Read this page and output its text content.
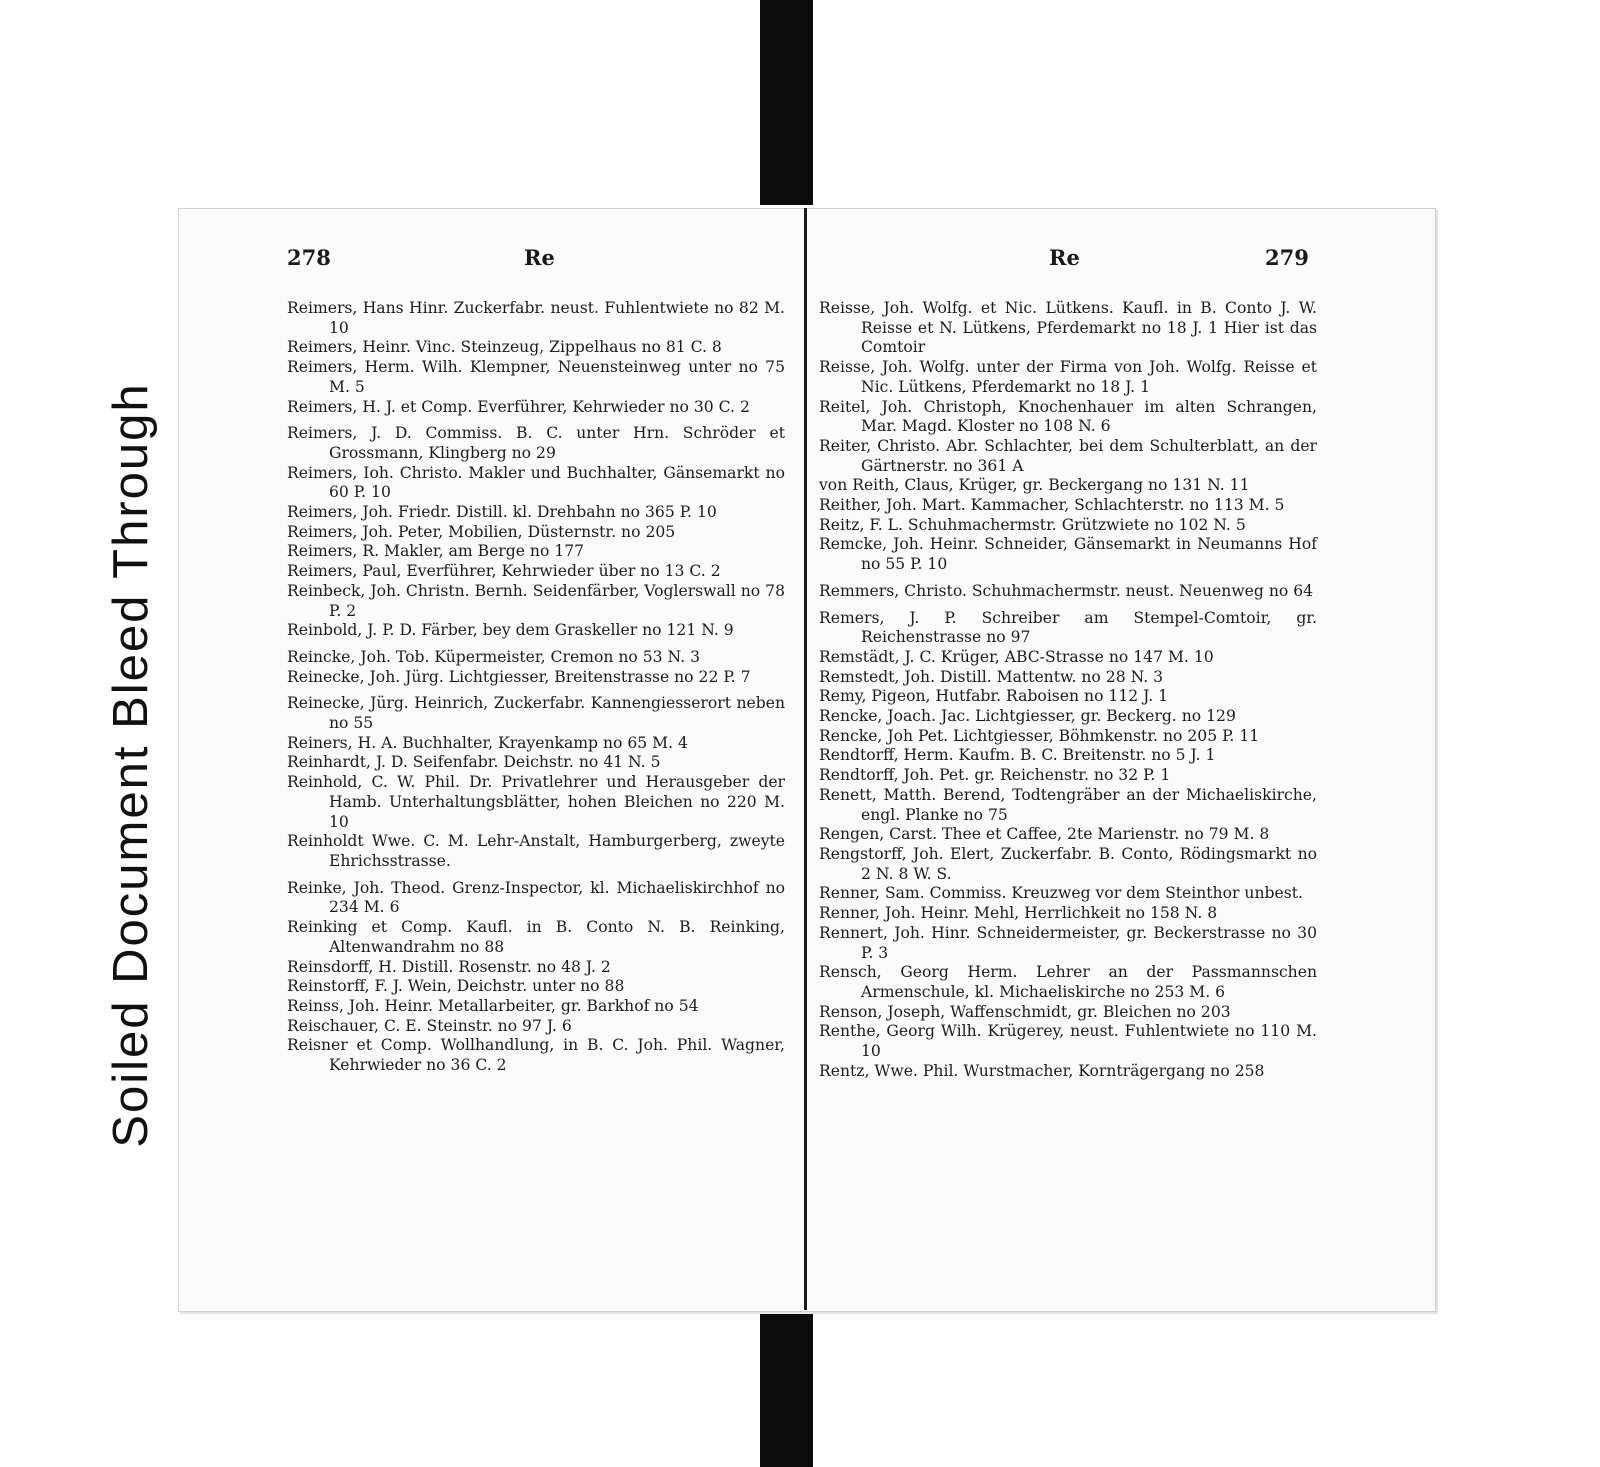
Soiled Document Bleed Through
278	Re
Reimers, Hans Hinr. Zuckerfabr. neust. Fuhlentwiete no 82 M. 10
Reimers, Heinr. Vinc. Steinzeug, Zippelhaus no 81 C. 8
Reimers, Herm. Wilh. Klempner, Neuensteinweg unter no 75 M. 5
Reimers, H. J. et Comp. Everführer, Kehrwieder no 30 C. 2
Reimers, J. D. Commiss. B. C. unter Hrn. Schröder et Grossmann, Klingberg no 29
Reimers, Ioh. Christo. Makler und Buchhalter, Gänsemarkt no 60 P. 10
Reimers, Joh. Friedr. Distill. kl. Drehbahn no 365 P. 10
Reimers, Joh. Peter, Mobilien, Düsternstr. no 205
Reimers, R. Makler, am Berge no 177
Reimers, Paul, Everführer, Kehrwieder über no 13 C. 2
Reinbeck, Joh. Christn. Bernh. Seidenfärber, Voglerswall no 78 P. 2
Reinbold, J. P. D. Färber, bey dem Graskeller no 121 N. 9
Reincke, Joh. Tob. Küpermeister, Cremon no 53 N. 3
Reinecke, Joh. Jürg. Lichtgiesser, Breitenstrasse no 22 P. 7
Reinecke, Jürg. Heinrich, Zuckerfabr. Kannengiesserort neben no 55
Reiners, H. A. Buchhalter, Krayenkamp no 65 M. 4
Reinhardt, J. D. Seifenfabr. Deichstr. no 41 N. 5
Reinhold, C. W. Phil. Dr. Privatlehrer und Herausgeber der Hamb. Unterhaltungsblätter, hohen Bleichen no 220 M. 10
Reinholdt Wwe. C. M. Lehr-Anstalt, Hamburgerberg, zweyte Ehrichsstrasse.
Reinke, Joh. Theod. Grenz-Inspector, kl. Michaeliskirchhof no 234 M. 6
Reinking et Comp. Kaufl. in B. Conto N. B. Reinking, Altenwandrahm no 88
Reinsdorff, H. Distill. Rosenstr. no 48 J. 2
Reinstorff, F. J. Wein, Deichstr. unter no 88
Reinss, Joh. Heinr. Metallarbeiter, gr. Barkhof no 54
Reischauer, C. E. Steinstr. no 97 J. 6
Reisner et Comp. Wollhandlung, in B. C. Joh. Phil. Wagner, Kehrwieder no 36 C. 2
Re	279
Reisse, Joh. Wolfg. et Nic. Lütkens. Kaufl. in B. Conto J. W. Reisse et N. Lütkens, Pferdemarkt no 18 J. 1 Hier ist das Comtoir
Reisse, Joh. Wolfg. unter der Firma von Joh. Wolfg. Reisse et Nic. Lütkens, Pferdemarkt no 18 J. 1
Reitel, Joh. Christoph, Knochenhauer im alten Schrangen, Mar. Magd. Kloster no 108 N. 6
Reiter, Christo. Abr. Schlachter, bei dem Schulterblatt, an der Gärtnerstr. no 361 A
von Reith, Claus, Krüger, gr. Beckergang no 131 N. 11
Reither, Joh. Mart. Kammacher, Schlachterstr. no 113 M. 5
Reitz, F. L. Schuhmachermstr. Grützwiete no 102 N. 5
Remcke, Joh. Heinr. Schneider, Gänsemarkt in Neumanns Hof no 55 P. 10
Remmers, Christo. Schuhmachermstr. neust. Neuenweg no 64
Remers, J. P. Schreiber am Stempel-Comtoir, gr. Reichenstrasse no 97
Remstädt, J. C. Krüger, ABC-Strasse no 147 M. 10
Remstedt, Joh. Distill. Mattentw. no 28 N. 3
Remy, Pigeon, Hutfabr. Raboisen no 112 J. 1
Rencke, Joach. Jac. Lichtgiesser, gr. Beckerg. no 129
Rencke, Joh Pet. Lichtgiesser, Böhmkenstr. no 205 P. 11
Rendtorff, Herm. Kaufm. B. C. Breitenstr. no 5 J. 1
Rendtorff, Joh. Pet. gr. Reichenstr. no 32 P. 1
Renett, Matth. Berend, Todtengräber an der Michaeliskirche, engl. Planke no 75
Rengen, Carst. Thee et Caffee, 2te Marienstr. no 79 M. 8
Rengstorff, Joh. Elert, Zuckerfabr. B. Conto, Rödingsmarkt no 2 N. 8 W. S.
Renner, Sam. Commiss. Kreuzweg vor dem Steinthor unbest.
Renner, Joh. Heinr. Mehl, Herrlichkeit no 158 N. 8
Rennert, Joh. Hinr. Schneidermeister, gr. Beckerstrasse no 30 P. 3
Rensch, Georg Herm. Lehrer an der Passmannschen Armenschule, kl. Michaeliskirche no 253 M. 6
Renson, Joseph, Waffenschmidt, gr. Bleichen no 203
Renthe, Georg Wilh. Krügerey, neust. Fuhlentwiete no 110 M. 10
Rentz, Wwe. Phil. Wurstmacher, Kornträgergang no 258
